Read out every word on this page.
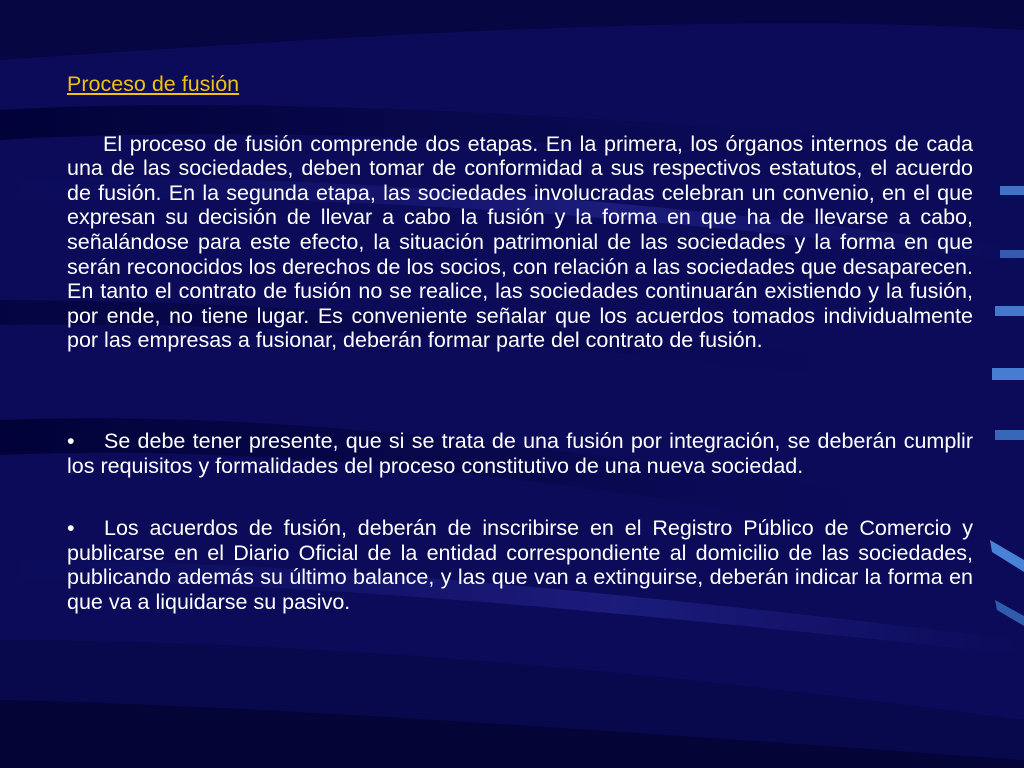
Proceso de fusión

El proceso de fusión comprende dos etapas. En la primera, los órganos internos de cada una de las sociedades, deben tomar de conformidad a sus respectivos estatutos, el acuerdo de fusión. En la segunda etapa, las sociedades involucradas celebran un convenio, en el que expresan su decisión de llevar a cabo la fusión y la forma en que ha de llevarse a cabo, señalándose para este efecto, la situación patrimonial de las sociedades y la forma en que serán reconocidos los derechos de los socios, con relación a las sociedades que desaparecen. En tanto el contrato de fusión no se realice, las sociedades continuarán existiendo y la fusión, por ende, no tiene lugar. Es conveniente señalar que los acuerdos tomados individualmente por las empresas a fusionar, deberán formar parte del contrato de fusión.

• Se debe tener presente, que si se trata de una fusión por integración, se deberán cumplir los requisitos y formalidades del proceso constitutivo de una nueva sociedad.
• Los acuerdos de fusión, deberán de inscribirse en el Registro Público de Comercio y publicarse en el Diario Oficial de la entidad correspondiente al domicilio de las sociedades, publicando además su último balance, y las que van a extinguirse, deberán indicar la forma en que va a liquidarse su pasivo.
